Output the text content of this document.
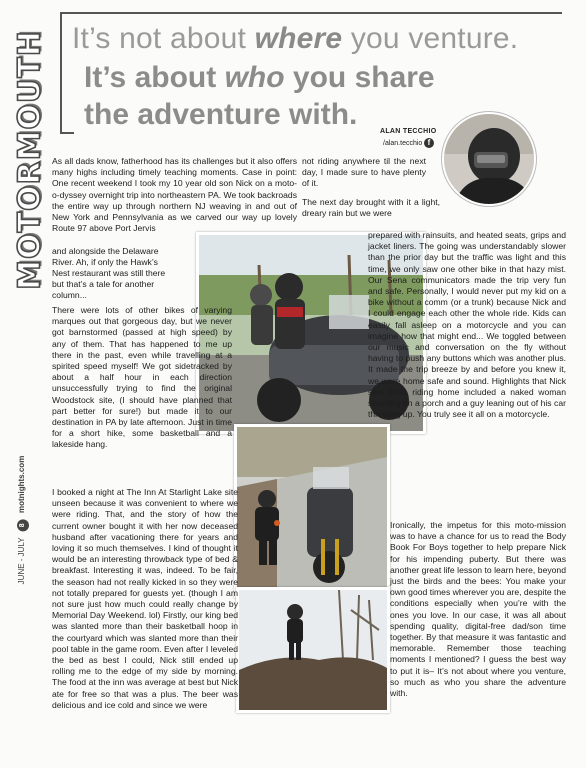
MOTORMOUTH
JUNE - JULY 8 motnights.com
It’s not about where you venture.
It’s about who you share
the adventure with.
ALAN TECCHIO
/alan.tecchio f

As all dads know, fatherhood has its challenges but it also offers many highs including timely teaching moments. Case in point: One recent weekend I took my 10 year old son Nick on a moto-o-dyssey overnight trip into northeastern PA. We took backroads the entire way up through northern NJ weaving in and out of New York and Pennsylvania as we carved our way up lovely Route 97 above Port Jervis

and alongside the Delaware

River. Ah, if only the Hawk’s

Nest restaurant was still there

but that’s a tale for another

column...

There were lots of other bikes of varying marques out that gorgeous day, but we never got barnstormed (passed at high speed) by any of them. That has happened to me up there in the past, even while travelling at a spirited speed myself! We got sidetracked by about a half hour in each direction unsuccessfully trying to find the original Woodstock site, (I should have planned that part better for sure!) but made it to our destination in PA by late afternoon. Just in time for a short hike, some basketball and a lakeside hang.

I booked a night at The Inn At Starlight Lake site unseen because it was convenient to where we were riding. That, and the story of how the current owner bought it with her now deceased husband after vacationing there for years and loving it so much themselves. I kind of thought it would be an interesting throwback type of bed & breakfast. Interesting it was, indeed. To be fair, the season had not really kicked in so they were not totally prepared for guests yet. (though I am not sure just how much could really change by Memorial Day Weekend. lol) Firstly, our king bed was slanted more than their basketball hoop in the courtyard which was slanted more than their pool table in the game room. Even after I leveled the bed as best I could, Nick still ended up rolling me to the edge of my side by morning. The food at the inn was average at best but Nick ate for free so that was a plus. The beer was delicious and ice cold and since we were

not riding anywhere til the next day, I made sure to have plenty of it.

The next day brought with it a light, dreary rain but we were

prepared with rainsuits, and heated seats, grips and jacket liners. The going was understandably slower than the prior day but the traffic was light and this time, we only saw one other bike in that hazy mist. Our Sena communicators made the trip very fun and safe. Personally, I would never put my kid on a bike without a comm (or a trunk) because Nick and I could engage each other the whole ride. Kids can easily fall asleep on a motorcycle and you can imagine how that might end... We toggled between our music and conversation on the fly without having to push any buttons which was another plus. It made the trip breeze by and before you knew it, we were home safe and sound. Highlights that Nick saw while riding home included a naked woman standing on a porch and a guy leaning out of his car throwing up. You truly see it all on a motorcycle.

Ironically, the impetus for this moto-mission was to have a chance for us to read the Body Book For Boys together to help prepare Nick for his impending puberty. But there was another great life lesson to learn here, beyond just the birds and the bees: You make your own good times wherever you are, despite the conditions especially when you’re with the ones you love. In our case, it was all about spending quality, digital-free dad/son time together. By that measure it was fantastic and memorable. Remember those teaching moments I mentioned? I guess the best way to put it is– It’s not about where you venture, so much as who you share the adventure with.
